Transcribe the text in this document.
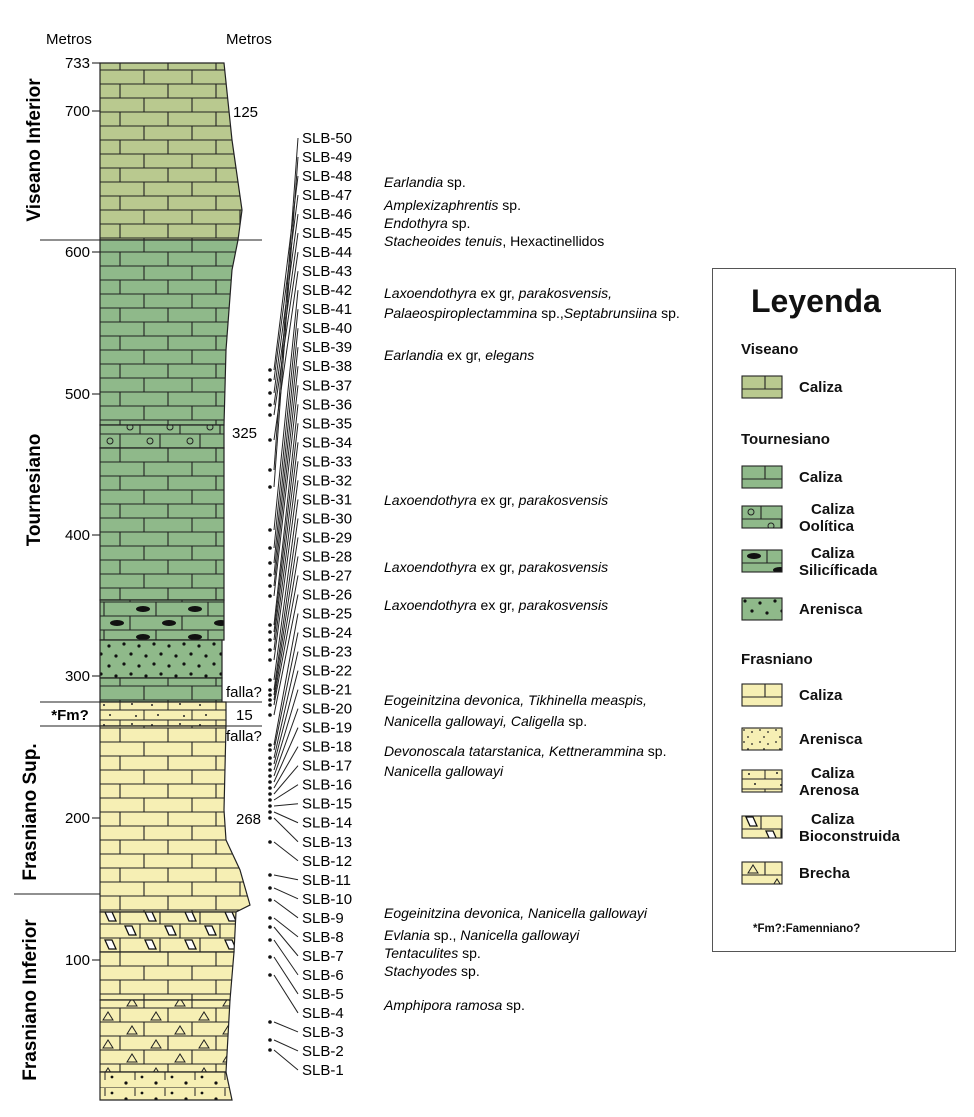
Metros	Metros
733
700
600
500
400
300
200
100
125
325
15
268
falla?
falla?
Viseano Inferior
Tournesiano
*Fm?
Frasniano Sup.
Frasniano Inferior	SLB-1
SLB-2
SLB-3
SLB-4
SLB-5
SLB-6
SLB-7
SLB-8
SLB-9
SLB-10
SLB-11
SLB-12
SLB-13
SLB-14
SLB-15
SLB-16
SLB-17
SLB-18
SLB-19
SLB-20
SLB-21
SLB-22
SLB-23
SLB-24
SLB-25
SLB-26
SLB-27
SLB-28
SLB-29
SLB-30
SLB-31
SLB-32
SLB-33
SLB-34
SLB-35
SLB-36
SLB-37
SLB-38
SLB-39
SLB-40
SLB-41
SLB-42
SLB-43
SLB-44
SLB-45
SLB-46
SLB-47
SLB-48
SLB-49
SLB-50
Earlandia sp.
Amplexizaphrentis sp.
Endothyra sp.
Stacheoides tenuis, Hexactinellidos
Laxoendothyra ex gr, parakosvensis,
Palaeospiroplectammina sp.,Septabrunsiina sp.
Earlandia ex gr, elegans
Laxoendothyra ex gr, parakosvensis
Laxoendothyra ex gr, parakosvensis
Laxoendothyra ex gr, parakosvensis
Eogeinitzina devonica, Tikhinella measpis,
Nanicella gallowayi, Caligella sp.
Devonoscala tatarstanica, Kettnerammina sp.
Nanicella gallowayi
Eogeinitzina devonica, Nanicella gallowayi
Evlania sp., Nanicella gallowayi
Tentaculites sp.
Stachyodes sp.
Amphipora ramosa sp.
Leyenda
Viseano
Caliza
Tournesiano
Caliza
Caliza
Oolítica
Caliza
Silicíficada
Arenisca
Frasniano
Caliza
Arenisca
Caliza
Arenosa
Caliza
Bioconstruida
Brecha
*Fm?:Famenniano?
